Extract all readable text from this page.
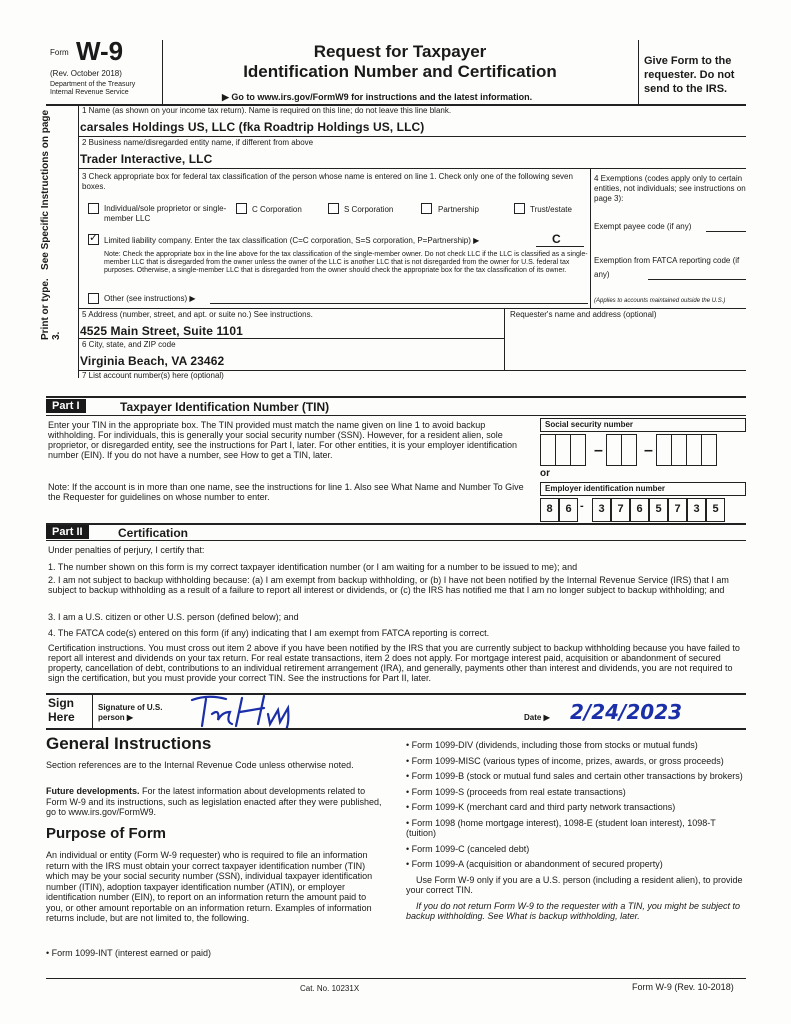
Form W-9
(Rev. October 2018)
Department of the Treasury
Internal Revenue Service
Request for Taxpayer
Identification Number and Certification
▶ Go to www.irs.gov/FormW9 for instructions and the latest information.
Give Form to the requester. Do not send to the IRS.
Print or type.   See Specific Instructions on page 3.
1 Name (as shown on your income tax return). Name is required on this line; do not leave this line blank.
carsales Holdings US, LLC (fka Roadtrip Holdings US, LLC)
2 Business name/disregarded entity name, if different from above
Trader Interactive, LLC
3 Check appropriate box for federal tax classification of the person whose name is entered on line 1. Check only one of the following seven boxes.
Individual/sole proprietor or single-member LLC
C Corporation	S Corporation	Partnership	Trust/estate
✓ Limited liability company. Enter the tax classification (C=C corporation, S=S corporation, P=Partnership) ▶	C
Note: Check the appropriate box in the line above for the tax classification of the single-member owner. Do not check LLC if the LLC is classified as a single-member LLC that is disregarded from the owner unless the owner of the LLC is another LLC that is not disregarded from the owner for U.S. federal tax purposes. Otherwise, a single-member LLC that is disregarded from the owner should check the appropriate box for the tax classification of its owner.
Other (see instructions) ▶
4 Exemptions (codes apply only to certain entities, not individuals; see instructions on page 3):
Exempt payee code (if any)
Exemption from FATCA reporting code (if any)
(Applies to accounts maintained outside the U.S.)
5 Address (number, street, and apt. or suite no.) See instructions.
4525 Main Street, Suite 1101
Requester's name and address (optional)
6 City, state, and ZIP code
Virginia Beach, VA 23462
7 List account number(s) here (optional)
Part I	Taxpayer Identification Number (TIN)
Enter your TIN in the appropriate box. The TIN provided must match the name given on line 1 to avoid backup withholding. For individuals, this is generally your social security number (SSN). However, for a resident alien, sole proprietor, or disregarded entity, see the instructions for Part I, later. For other entities, it is your employer identification number (EIN). If you do not have a number, see How to get a TIN, later.
Note: If the account is in more than one name, see the instructions for line 1. Also see What Name and Number To Give the Requester for guidelines on whose number to enter.
Social security number
–	–
or
Employer identification number
8	6 -	3	7	6	5	7	3	5
Part II	Certification
Under penalties of perjury, I certify that:
1. The number shown on this form is my correct taxpayer identification number (or I am waiting for a number to be issued to me); and
2. I am not subject to backup withholding because: (a) I am exempt from backup withholding, or (b) I have not been notified by the Internal Revenue Service (IRS) that I am subject to backup withholding as a result of a failure to report all interest or dividends, or (c) the IRS has notified me that I am no longer subject to backup withholding; and
3. I am a U.S. citizen or other U.S. person (defined below); and
4. The FATCA code(s) entered on this form (if any) indicating that I am exempt from FATCA reporting is correct.
Certification instructions. You must cross out item 2 above if you have been notified by the IRS that you are currently subject to backup withholding because you have failed to report all interest and dividends on your tax return. For real estate transactions, item 2 does not apply. For mortgage interest paid, acquisition or abandonment of secured property, cancellation of debt, contributions to an individual retirement arrangement (IRA), and generally, payments other than interest and dividends, you are not required to sign the certification, but you must provide your correct TIN. See the instructions for Part II, later.
Sign Here
Signature of U.S. person ▶	Date ▶ 2/24/2023
General Instructions
Section references are to the Internal Revenue Code unless otherwise noted.
Future developments. For the latest information about developments related to Form W-9 and its instructions, such as legislation enacted after they were published, go to www.irs.gov/FormW9.
Purpose of Form
An individual or entity (Form W-9 requester) who is required to file an information return with the IRS must obtain your correct taxpayer identification number (TIN) which may be your social security number (SSN), individual taxpayer identification number (ITIN), adoption taxpayer identification number (ATIN), or employer identification number (EIN), to report on an information return the amount paid to you, or other amount reportable on an information return. Examples of information returns include, but are not limited to, the following.
• Form 1099-INT (interest earned or paid)
• Form 1099-DIV (dividends, including those from stocks or mutual funds)
• Form 1099-MISC (various types of income, prizes, awards, or gross proceeds)
• Form 1099-B (stock or mutual fund sales and certain other transactions by brokers)
• Form 1099-S (proceeds from real estate transactions)
• Form 1099-K (merchant card and third party network transactions)
• Form 1098 (home mortgage interest), 1098-E (student loan interest), 1098-T (tuition)
• Form 1099-C (canceled debt)
• Form 1099-A (acquisition or abandonment of secured property)
Use Form W-9 only if you are a U.S. person (including a resident alien), to provide your correct TIN.
If you do not return Form W-9 to the requester with a TIN, you might be subject to backup withholding. See What is backup withholding, later.
Cat. No. 10231X	Form W-9 (Rev. 10-2018)
